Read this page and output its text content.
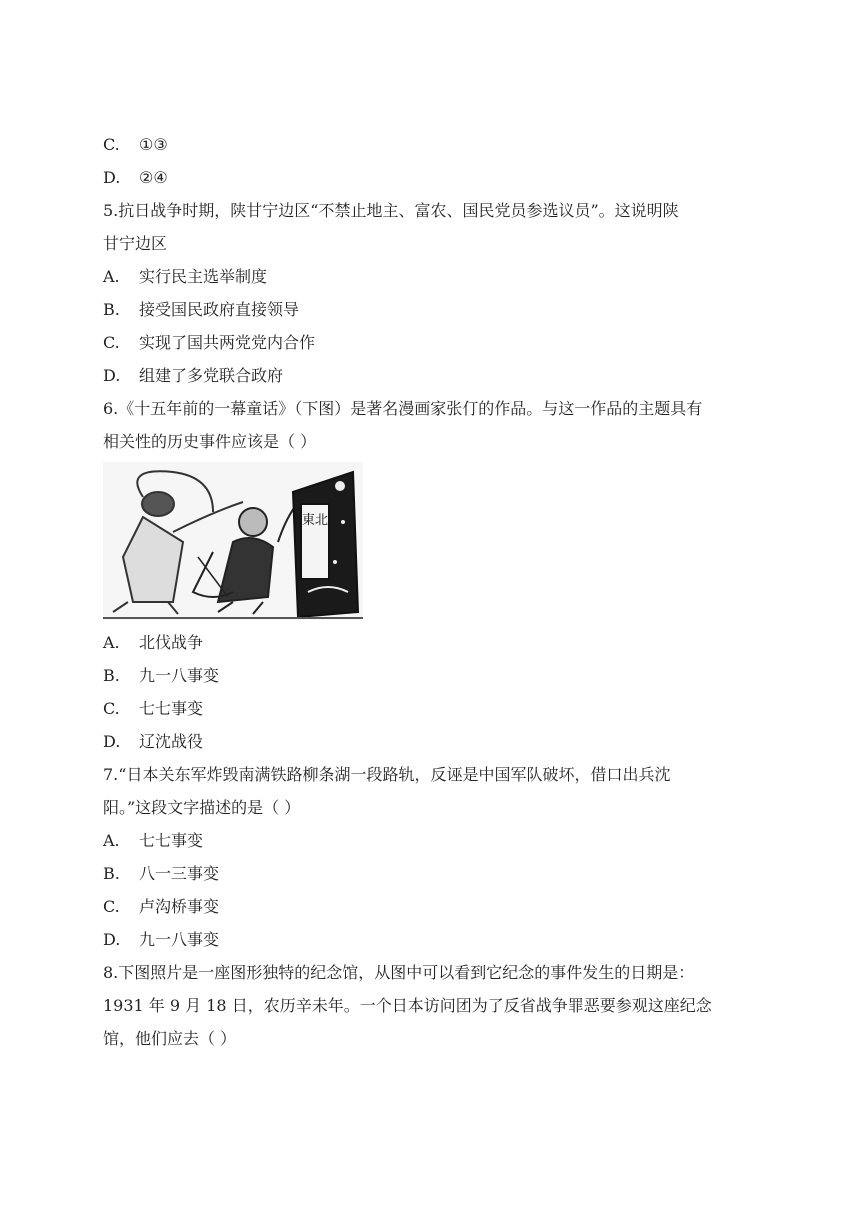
C.	①③
D.	②④
5.抗日战争时期，陕甘宁边区“不禁止地主、富农、国民党员参选议员”。这说明陕
甘宁边区
A.	实行民主选举制度
B.	接受国民政府直接领导
C.	实现了国共两党党内合作
D.	组建了多党联合政府
6.《十五年前的一幕童话》（下图）是著名漫画家张仃的作品。与这一作品的主题具有
相关性的历史事件应该是（ ）
東北
A.	北伐战争
B.	九一八事变
C.	七七事变
D.	辽沈战役
7.“日本关东军炸毁南满铁路柳条湖一段路轨，反诬是中国军队破坏，借口出兵沈
阳。”这段文字描述的是（ ）
A.	七七事变
B.	八一三事变
C.	卢沟桥事变
D.	九一八事变
8.下图照片是一座图形独特的纪念馆，从图中可以看到它纪念的事件发生的日期是：
1931 年 9 月 18 日，农历辛未年。一个日本访问团为了反省战争罪恶要参观这座纪念
馆，他们应去（ ）
